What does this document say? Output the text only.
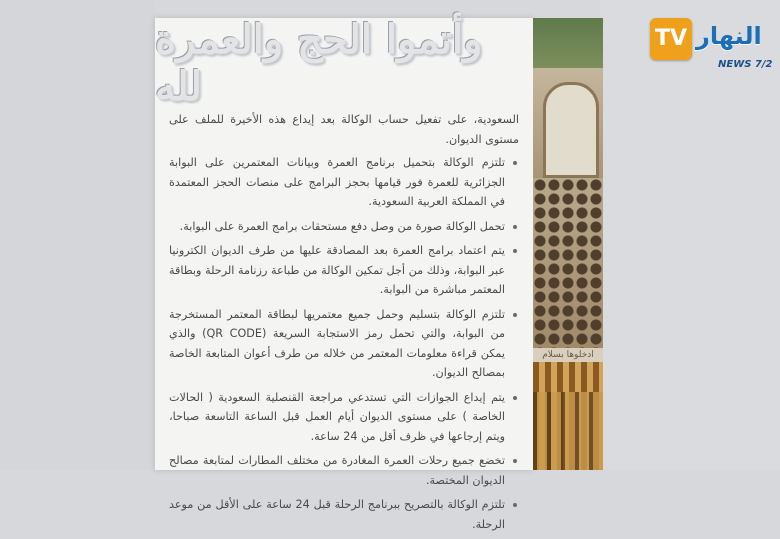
وأتموا الحج والعمرة لله

السعودية، على تفعيل حساب الوكالة بعد إيداع هذه الأخيرة للملف على مستوى الديوان.

تلتزم الوكالة بتحميل برنامج العمرة وبيانات المعتمرين على البوابة الجزائرية للعمرة فور قيامها بحجز البرامج على منصات الحجز المعتمدة في المملكة العربية السعودية.
تحمل الوكالة صورة من وصل دفع مستحقات برامج العمرة على البوابة.
يتم اعتماد برامج العمرة بعد المصادقة عليها من طرف الديوان الكترونيا عبر البوابة، وذلك من أجل تمكين الوكالة من طباعة رزنامة الرحلة وبطاقة المعتمر مباشرة من البوابة.
تلتزم الوكالة بتسليم وحمل جميع معتمريها لبطاقة المعتمر المستخرجة من البوابة، والتي تحمل رمز الاستجابة السريعة (QR CODE) والذي يمكن قراءة معلومات المعتمر من خلاله من طرف أعوان المتابعة الخاصة بمصالح الديوان.
يتم إيداع الجوازات التي تستدعي مراجعة القنصلية السعودية ( الحالات الخاصة ) على مستوى الديوان أيام العمل قبل الساعة التاسعة صباحا، ويتم إرجاعها في ظرف أقل من 24 ساعة.
تخضع جميع رحلات العمرة المغادرة من مختلف المطارات لمتابعة مصالح الديوان المختصة.
تلتزم الوكالة بالتصريح ببرنامج الرحلة قبل 24 ساعة على الأقل من موعد الرحلة.
ادخلوها بسلام
TV النهار
NEWS 7/2
